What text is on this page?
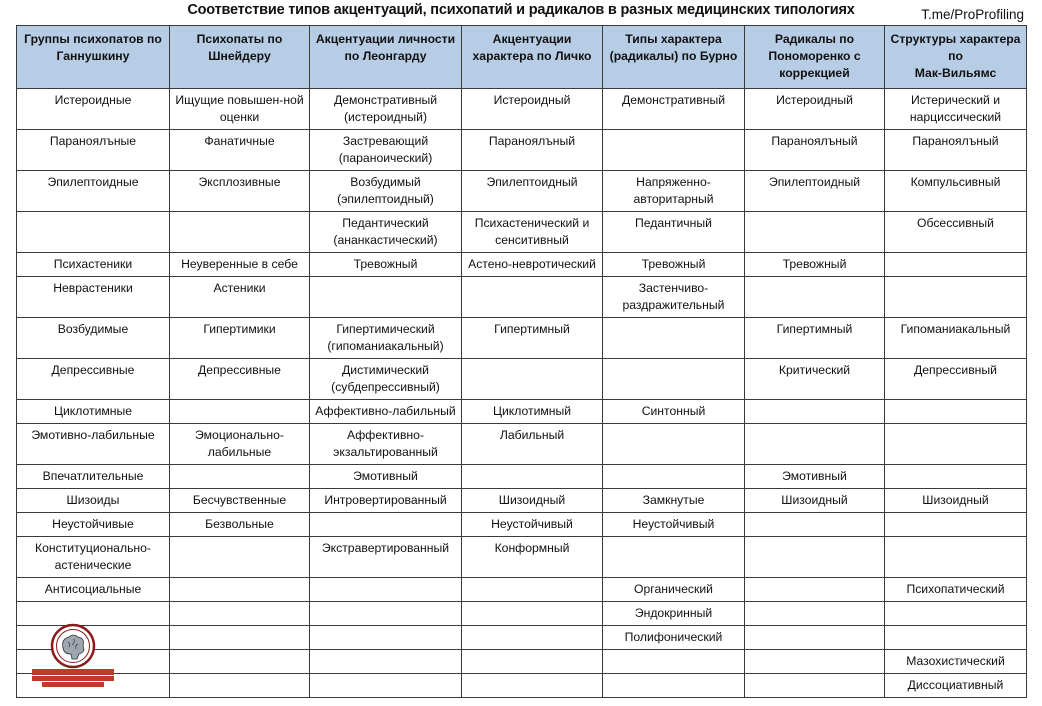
Соответствие типов акцентуаций, психопатий и радикалов в разных медицинских типологиях	T.me/ProProfiling
Группы психопатов по Ганнушкину	Психопаты по Шнейдеру	Акцентуации личности по Леонгарду	Акцентуации характера по Личко	Типы характера (радикалы) по Бурно	Радикалы по Пономоренко с коррекцией	Структуры характера по
Мак-Вильямс
Истероидные	Ищущие повышен-ной оценки	Демонстративный (истероидный)	Истероидный	Демонстративный	Истероидный	Истерический и нарциссический
Параноялъные	Фанатичные	Застревающий (параноический)	Параноялъный		Параноялъный	Параноялъный
Эпилептоидные	Эксплозивные	Возбудимый (эпилептоидный)	Эпилептоидный	Напряженно-авторитарный	Эпилептоидный	Компульсивный
		Педантический (ананкастический)	Психастенический и сенситивный	Педантичный		Обсессивный
Психастеники	Неуверенные в себе	Тревожный	Астено-невротический	Тревожный	Тревожный	
Неврастеники	Астеники			Застенчиво-раздражительный		
Возбудимые	Гипертимики	Гипертимический (гипоманиакальный)	Гипертимный		Гипертимный	Гипоманиакальный
Депрессивные	Депрессивные	Дистимический (субдепрессивный)			Критический	Депрессивный
Циклотимные		Аффективно-лабильный	Циклотимный	Синтонный		
Эмотивно-лабильные	Эмоционально-лабильные	Аффективно-экзальтированный	Лабильный			
Впечатлительные		Эмотивный			Эмотивный	
Шизоиды	Бесчувственные	Интровертированный	Шизоидный	Замкнутые	Шизоидный	Шизоидный
Неустойчивые	Безвольные		Неустойчивый	Неустойчивый		
Конституционально-астенические		Экстравертированный	Конформный			
Антисоциальные				Органический		Психопатический
				Эндокринный		
				Полифонический		
						Мазохистический
						Диссоциативный
